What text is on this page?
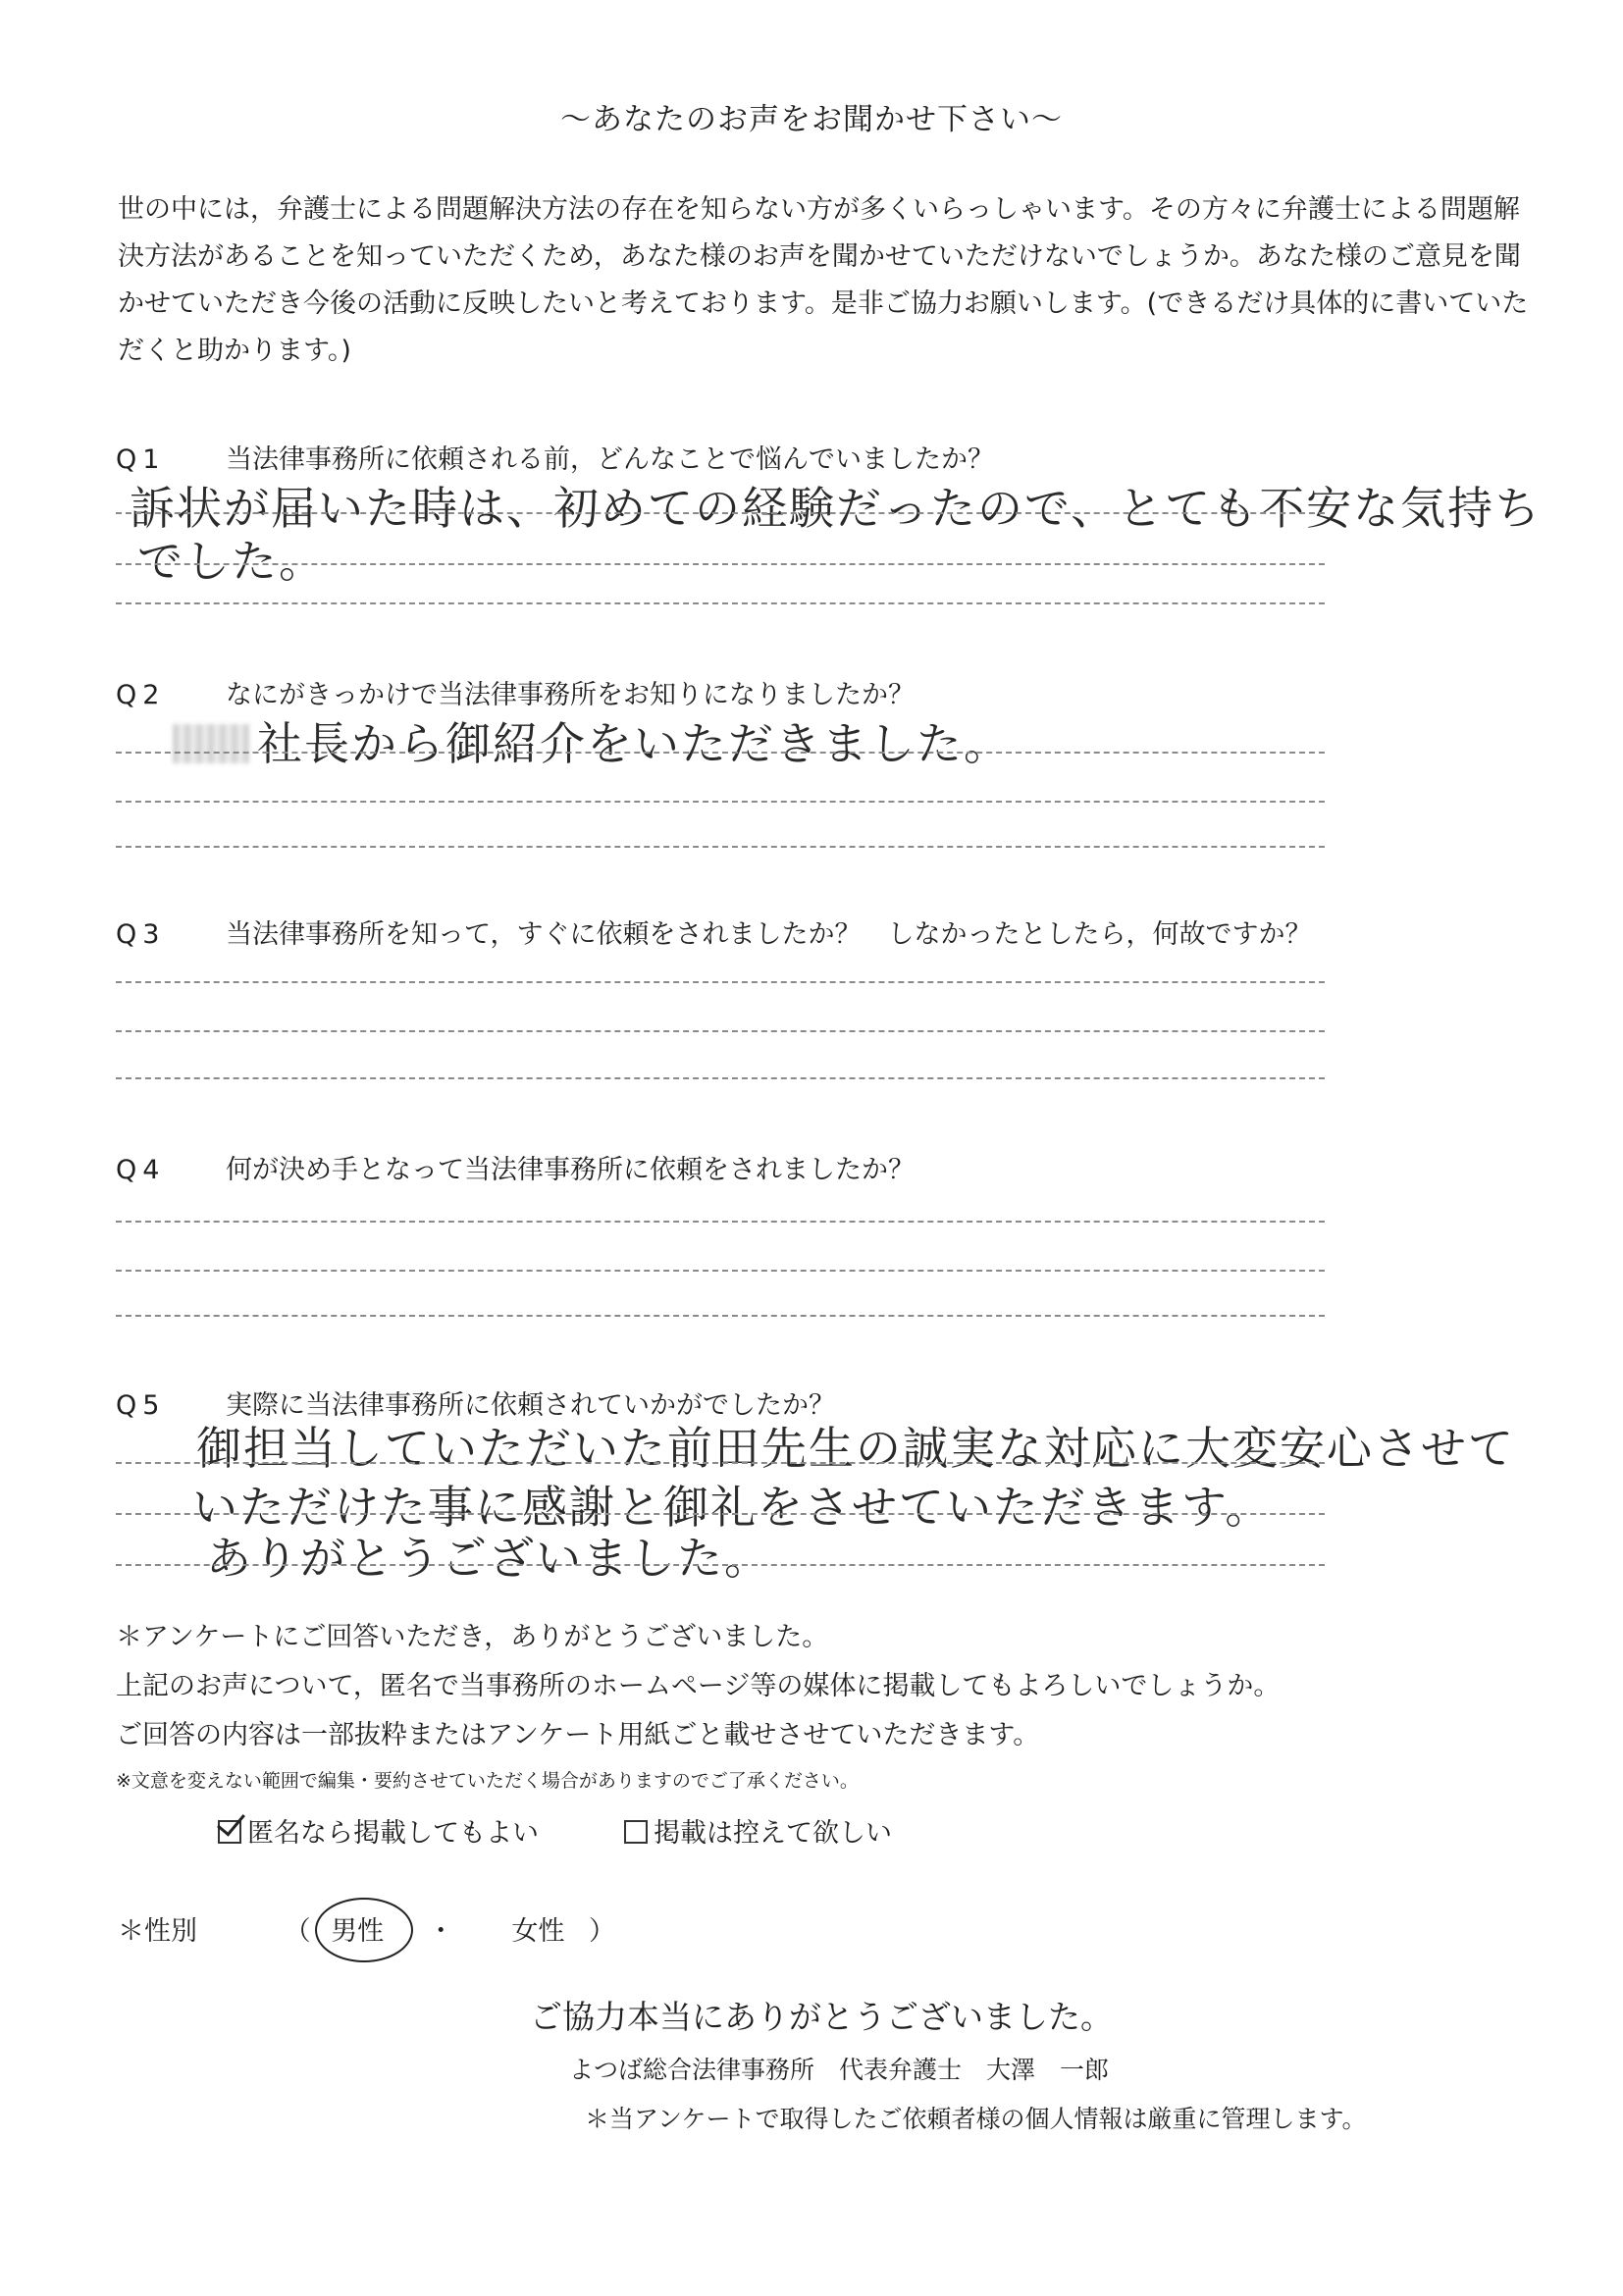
～あなたのお声をお聞かせ下さい～

世の中には，弁護士による問題解決方法の存在を知らない方が多くいらっしゃいます。その方々に弁護士による問題解決方法があることを知っていただくため，あなた様のお声を聞かせていただけないでしょうか。あなた様のご意見を聞かせていただき今後の活動に反映したいと考えております。是非ご協力お願いします。(できるだけ具体的に書いていただくと助かります。)

Q1 当法律事務所に依頼される前，どんなことで悩んでいましたか？
訴状が届いた時は、初めての経験だったので、とても不安な気持ち
でした。
Q2 なにがきっかけで当法律事務所をお知りになりましたか？
社長から御紹介をいただきました。
Q3 当法律事務所を知って，すぐに依頼をされましたか？　しなかったとしたら，何故ですか？
Q4 何が決め手となって当法律事務所に依頼をされましたか？
Q5 実際に当法律事務所に依頼されていかがでしたか？
御担当していただいた前田先生の誠実な対応に大変安心させて
いただけた事に感謝と御礼をさせていただきます。
ありがとうございました。
＊アンケートにご回答いただき，ありがとうございました。
上記のお声について，匿名で当事務所のホームページ等の媒体に掲載してもよろしいでしょうか。
ご回答の内容は一部抜粋またはアンケート用紙ごと載せさせていただきます。
※文意を変えない範囲で編集・要約させていただく場合がありますのでご了承ください。
匿名なら掲載してもよい	掲載は控えて欲しい
＊性別	（ 男性 ・ 女性 ）
ご協力本当にありがとうございました。
よつば総合法律事務所　代表弁護士　大澤　一郎
＊当アンケートで取得したご依頼者様の個人情報は厳重に管理します。
